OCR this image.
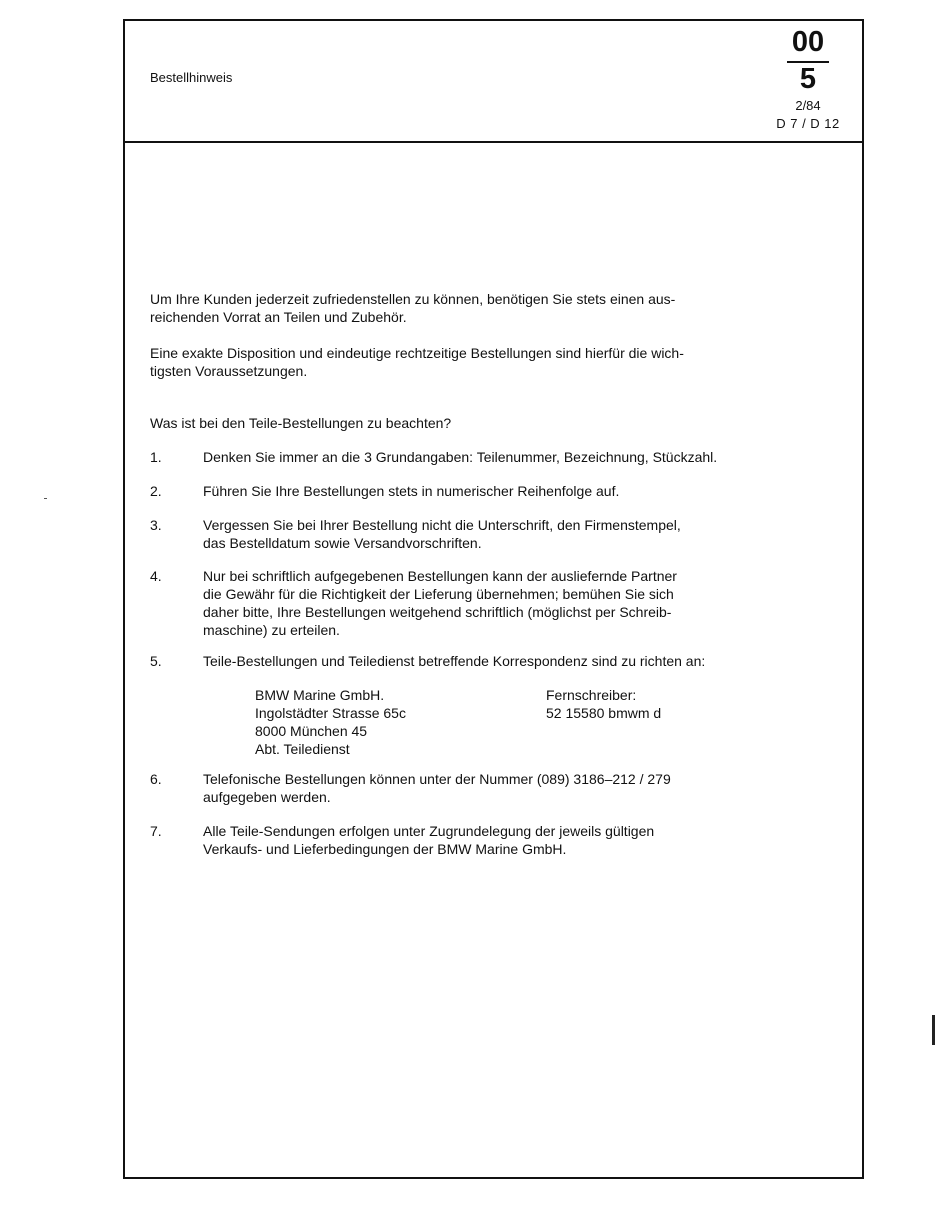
Bestellhinweis
00
5
2/84
D 7 / D 12
Um Ihre Kunden jederzeit zufriedenstellen zu können, benötigen Sie stets einen aus-
reichenden Vorrat an Teilen und Zubehör.
Eine exakte Disposition und eindeutige rechtzeitige Bestellungen sind hierfür die wich-
tigsten Voraussetzungen.
Was ist bei den Teile-Bestellungen zu beachten?
1.	Denken Sie immer an die 3 Grundangaben: Teilenummer, Bezeichnung, Stückzahl.
2.	Führen Sie Ihre Bestellungen stets in numerischer Reihenfolge auf.
3.	Vergessen Sie bei Ihrer Bestellung nicht die Unterschrift, den Firmenstempel,
das Bestelldatum sowie Versandvorschriften.
4.	Nur bei schriftlich aufgegebenen Bestellungen kann der ausliefernde Partner
die Gewähr für die Richtigkeit der Lieferung übernehmen; bemühen Sie sich
daher bitte, Ihre Bestellungen weitgehend schriftlich (möglichst per Schreib-
maschine) zu erteilen.
5.	Teile-Bestellungen und Teiledienst betreffende Korrespondenz sind zu richten an:
BMW Marine GmbH.
Ingolstädter Strasse 65c
8000 München 45
Abt. Teiledienst
Fernschreiber:
52 15580 bmwm d
6.	Telefonische Bestellungen können unter der Nummer (089) 3186–212 / 279
aufgegeben werden.
7.	Alle Teile-Sendungen erfolgen unter Zugrundelegung der jeweils gültigen
Verkaufs- und Lieferbedingungen der BMW Marine GmbH.
